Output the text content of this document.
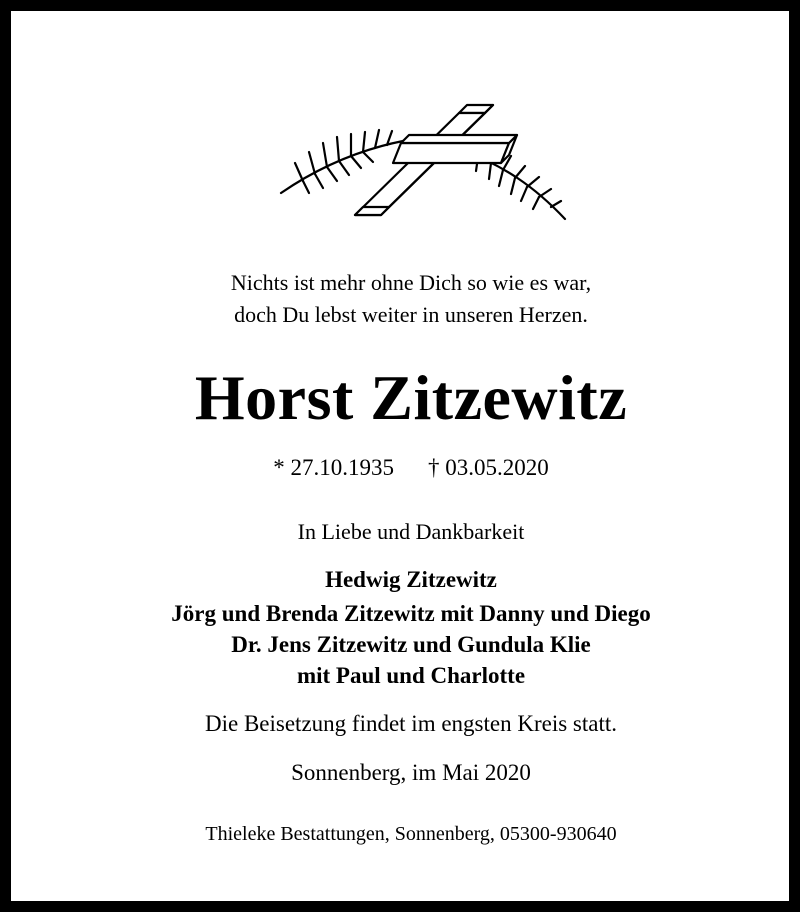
Nichts ist mehr ohne Dich so wie es war,
doch Du lebst weiter in unseren Herzen.
Horst Zitzewitz
* 27.10.1935 † 03.05.2020
In Liebe und Dankbarkeit
Hedwig Zitzewitz
Jörg und Brenda Zitzewitz mit Danny und Diego
Dr. Jens Zitzewitz und Gundula Klie
mit Paul und Charlotte
Die Beisetzung findet im engsten Kreis statt.
Sonnenberg, im Mai 2020
Thieleke Bestattungen, Sonnenberg, 05300-930640
